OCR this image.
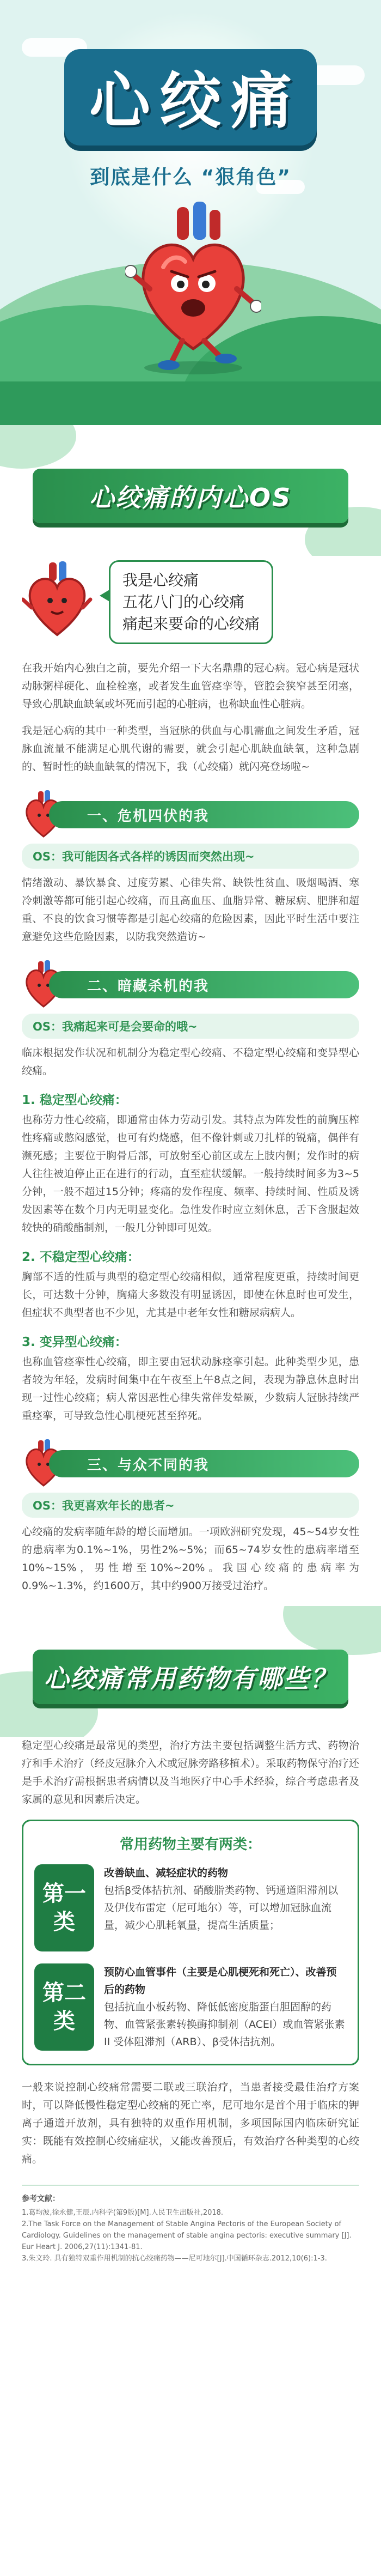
心绞痛
到底是什么 “狠角色”
心绞痛的内心OS
我是心绞痛
五花八门的心绞痛
痛起来要命的心绞痛

在我开始内心独白之前，要先介绍一下大名鼎鼎的冠心病。冠心病是冠状动脉粥样硬化、血栓栓塞，或者发生血管痉挛等，管腔会狭窄甚至闭塞，导致心肌缺血缺氧或坏死而引起的心脏病，也称缺血性心脏病。

我是冠心病的其中一种类型，当冠脉的供血与心肌需血之间发生矛盾，冠脉血流量不能满足心肌代谢的需要，就会引起心肌缺血缺氧，这种急剧的、暂时性的缺血缺氧的情况下，我（心绞痛）就闪亮登场啦~

一、危机四伏的我
OS：我可能因各式各样的诱因而突然出现~

情绪激动、暴饮暴食、过度劳累、心律失常、缺铁性贫血、吸烟喝酒、寒冷刺激等都可能引起心绞痛，而且高血压、血脂异常、糖尿病、肥胖和超重、不良的饮食习惯等都是引起心绞痛的危险因素，因此平时生活中要注意避免这些危险因素，以防我突然造访~

二、暗藏杀机的我
OS：我痛起来可是会要命的哦~

临床根据发作状况和机制分为稳定型心绞痛、不稳定型心绞痛和变异型心绞痛。

1. 稳定型心绞痛：

也称劳力性心绞痛，即通常由体力劳动引发。其特点为阵发性的前胸压榨性疼痛或憋闷感觉，也可有灼烧感，但不像针刺或刀扎样的锐痛，偶伴有濒死感；主要位于胸骨后部，可放射至心前区或左上肢内侧；发作时的病人往往被迫停止正在进行的行动，直至症状缓解。一般持续时间多为3~5分钟，一般不超过15分钟；疼痛的发作程度、频率、持续时间、性质及诱发因素等在数个月内无明显变化。急性发作时应立刻休息，舌下含服起效较快的硝酸酯制剂，一般几分钟即可见效。

2. 不稳定型心绞痛：

胸部不适的性质与典型的稳定型心绞痛相似，通常程度更重，持续时间更长，可达数十分钟，胸痛大多数没有明显诱因，即使在休息时也可发生，但症状不典型者也不少见，尤其是中老年女性和糖尿病病人。

3. 变异型心绞痛：

也称血管痉挛性心绞痛，即主要由冠状动脉痉挛引起。此种类型少见，患者较为年轻，发病时间集中在午夜至上午8点之间，表现为静息休息时出现一过性心绞痛；病人常因恶性心律失常伴发晕厥，少数病人冠脉持续严重痉挛，可导致急性心肌梗死甚至猝死。

三、与众不同的我
OS：我更喜欢年长的患者~

心绞痛的发病率随年龄的增长而增加。一项欧洲研究发现，45~54岁女性的患病率为0.1%~1%，男性2%~5%；而65~74岁女性的患病率增至10%~15%，男性增至10%~20%。我国心绞痛的患病率为0.9%~1.3%，约1600万，其中约900万接受过治疗。

心绞痛常用药物有哪些？

稳定型心绞痛是最常见的类型，治疗方法主要包括调整生活方式、药物治疗和手术治疗（经皮冠脉介入术或冠脉旁路移植术）。采取药物保守治疗还是手术治疗需根据患者病情以及当地医疗中心手术经验，综合考虑患者及家属的意见和因素后决定。

常用药物主要有两类：
第一类
改善缺血、减轻症状的药物
包括β受体拮抗剂、硝酸脂类药物、钙通道阻滞剂以及伊伐布雷定（尼可地尔）等，可以增加冠脉血流量，减少心肌耗氧量，提高生活质量；
第二类
预防心血管事件（主要是心肌梗死和死亡）、改善预后的药物
包括抗血小板药物、降低低密度脂蛋白胆固醇的药物、血管紧张素转换酶抑制剂（ACEI）或血管紧张素 II 受体阻滞剂（ARB）、β受体拮抗剂。

一般来说控制心绞痛常需要二联或三联治疗，当患者接受最佳治疗方案时，可以降低慢性稳定型心绞痛的死亡率，尼可地尔是首个用于临床的钾离子通道开放剂，具有独特的双重作用机制，多项国际国内临床研究证实：既能有效控制心绞痛症状，又能改善预后，有效治疗各种类型的心绞痛。

参考文献：
1.葛均波,徐永健,王辰.内科学(第9版)[M].人民卫生出版社,2018.
2.The Task Force on the Management of Stable Angina Pectoris of the European Society of Cardiology. Guidelines on the management of stable angina pectoris: executive summary [J]. Eur Heart J. 2006,27(11):1341-81.
3.朱文玲. 具有独特双重作用机制的抗心绞痛药物——尼可地尔[J].中国循环杂志.2012,10(6):1-3.
